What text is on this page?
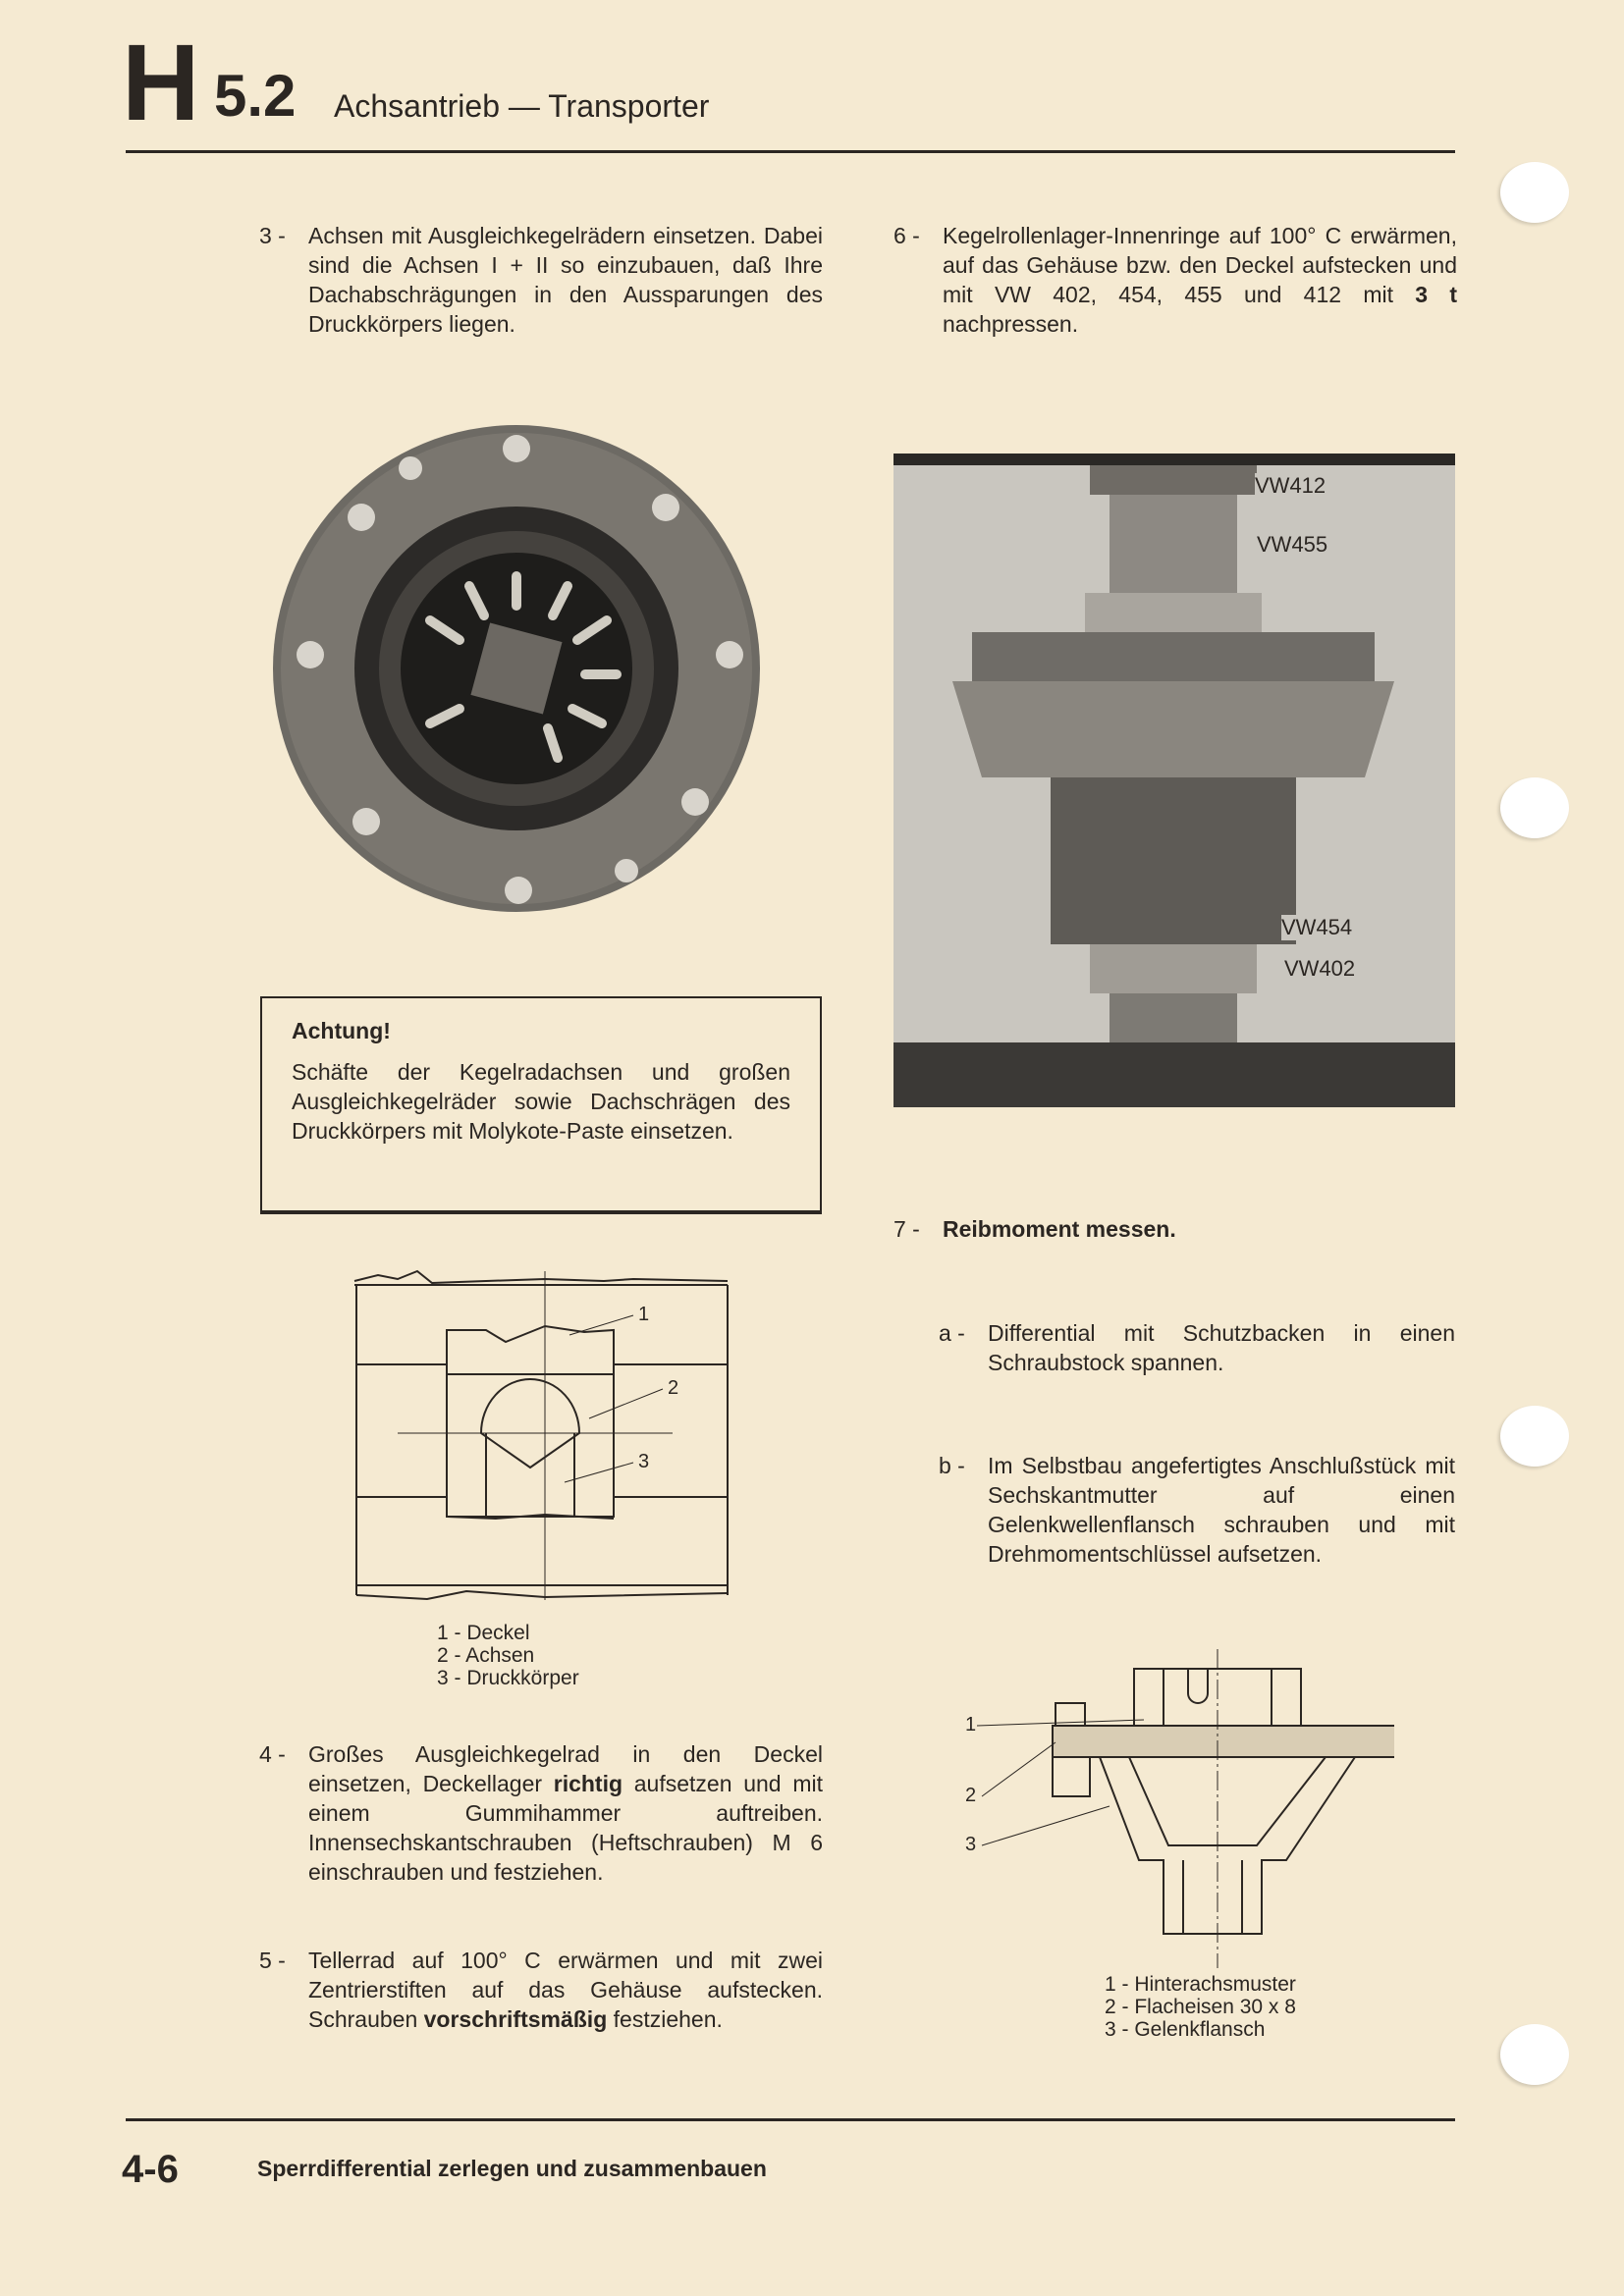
H 5.2 Achsantrieb — Transporter
3 -	Achsen mit Ausgleichkegelrädern einsetzen. Dabei sind die Achsen I + II so einzubauen, daß Ihre Dachabschrägungen in den Aussparungen des Druckkörpers liegen.
6 -	Kegelrollenlager-Innenringe auf 100° C erwärmen, auf das Gehäuse bzw. den Deckel aufstecken und mit VW 402, 454, 455 und 412 mit 3 t nachpressen.
VW412
VW455
VW454
VW402
Achtung!
Schäfte der Kegelradachsen und großen Ausgleichkegelräder sowie Dachschrägen des Druckkörpers mit Molykote-Paste einsetzen.
7 -	Reibmoment messen.
a -	Differential mit Schutzbacken in einen Schraubstock spannen.
b -	Im Selbstbau angefertigtes Anschlußstück mit Sechskantmutter auf einen Gelenkwellenflansch schrauben und mit Drehmomentschlüssel aufsetzen.
1
2
3
1 - Deckel
2 - Achsen
3 - Druckkörper
4 -	Großes Ausgleichkegelrad in den Deckel einsetzen, Deckellager richtig aufsetzen und mit einem Gummihammer auftreiben. Innensechskantschrauben (Heftschrauben) M 6 einschrauben und festziehen.
5 -	Tellerrad auf 100° C erwärmen und mit zwei Zentrierstiften auf das Gehäuse aufstecken. Schrauben vorschriftsmäßig festziehen.
1
2
3
1 - Hinterachsmuster
2 - Flacheisen 30 x 8
3 - Gelenkflansch
4-6	Sperrdifferential zerlegen und zusammenbauen
